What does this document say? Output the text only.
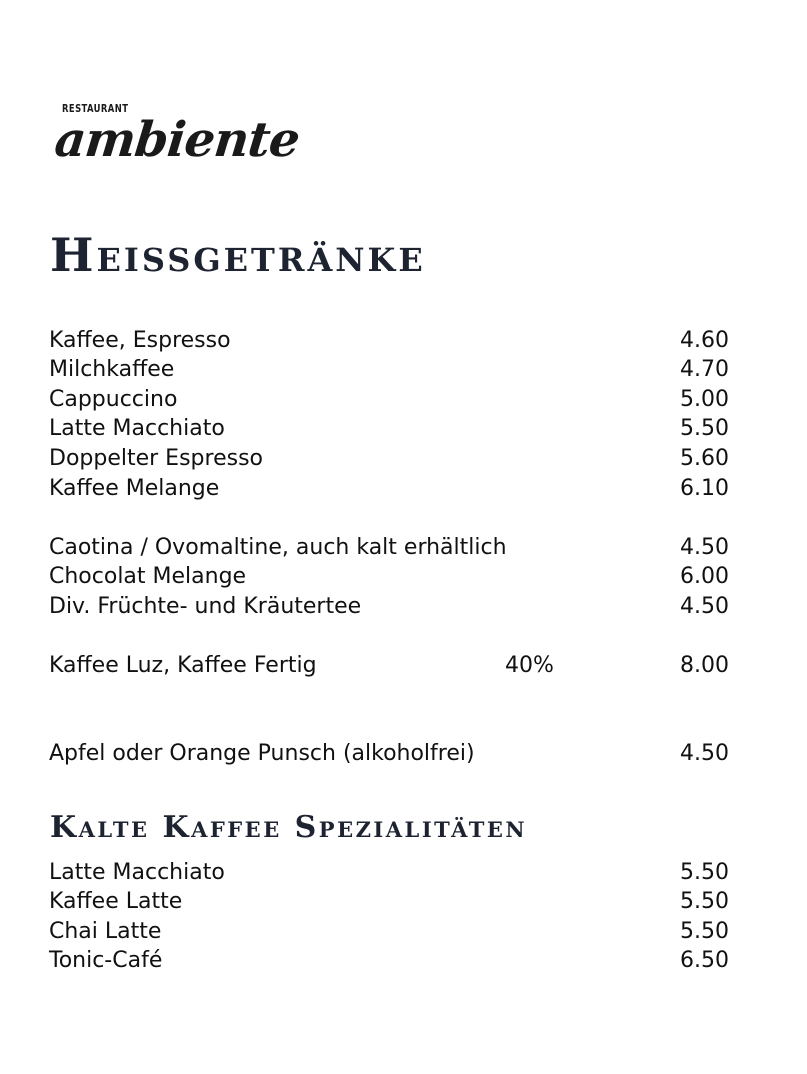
RESTAURANT
ambiente
Heissgetränke
Kaffee, Espresso	4.60
Milchkaffee	4.70
Cappuccino	5.00
Latte Macchiato	5.50
Doppelter Espresso	5.60
Kaffee Melange	6.10
Caotina / Ovomaltine, auch kalt erhältlich	4.50
Chocolat Melange	6.00
Div. Früchte- und Kräutertee	4.50
Kaffee Luz, Kaffee Fertig	40%	8.00
Apfel oder Orange Punsch (alkoholfrei)	4.50
Kalte Kaffee Spezialitäten
Latte Macchiato	5.50
Kaffee Latte	5.50
Chai Latte	5.50
Tonic-Café	6.50
